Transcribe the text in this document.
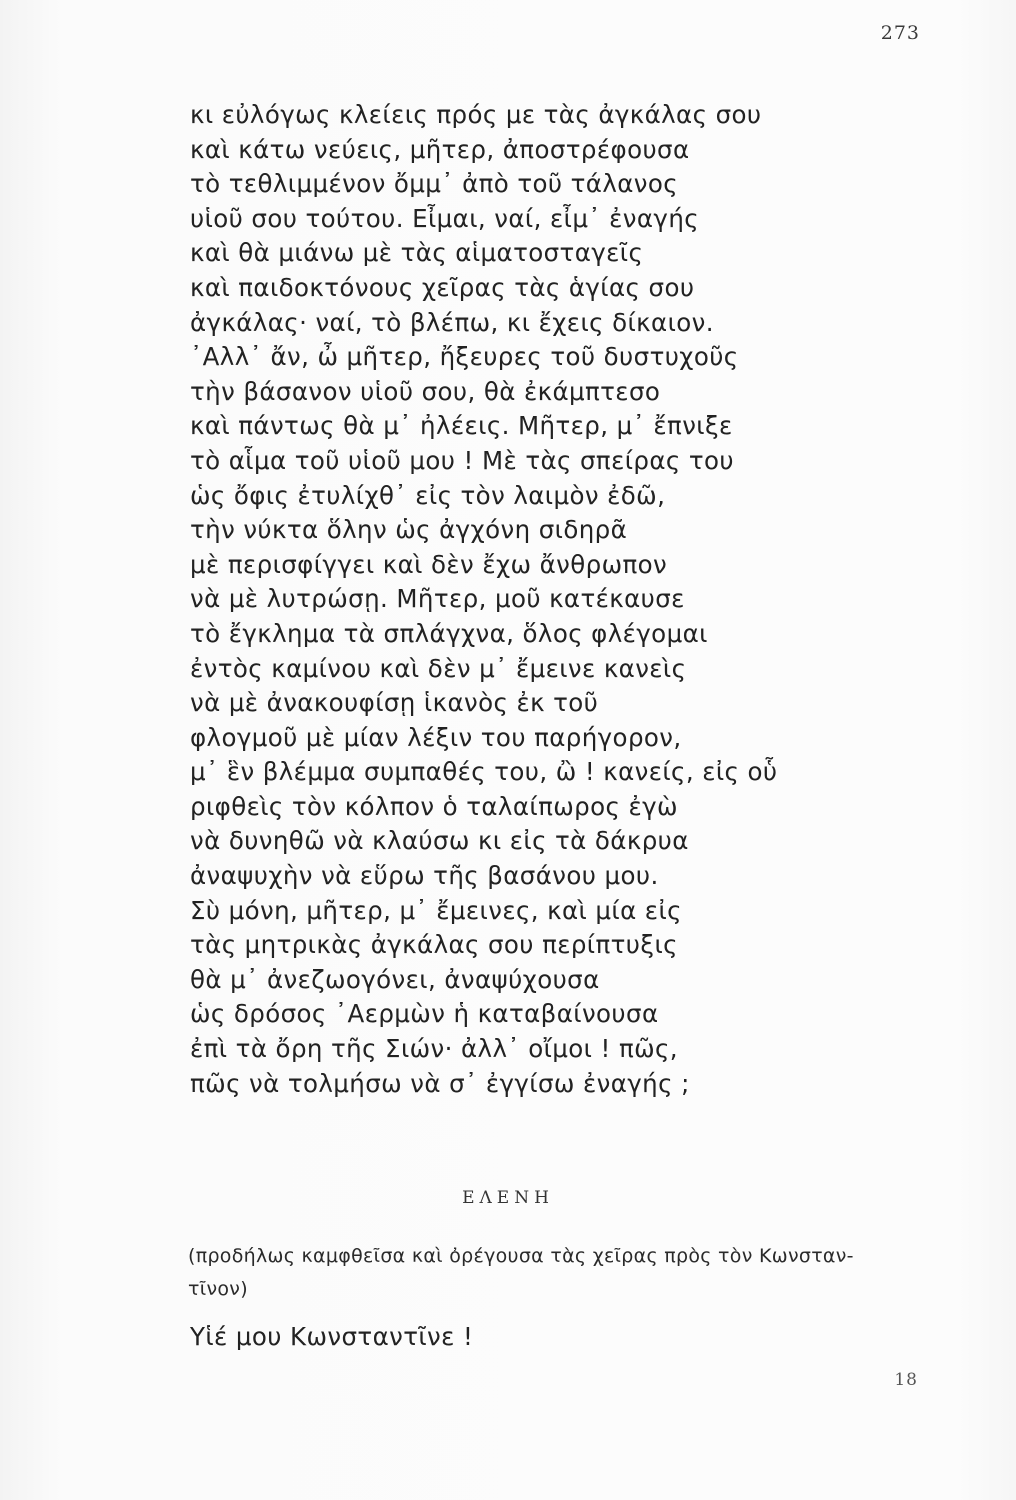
273
κι εὐλόγως κλείεις πρός με τὰς ἀγκάλας σου
καὶ κάτω νεύεις, μῆτερ, ἀποστρέφουσα
τὸ τεθλιμμένον ὄμμ᾽ ἀπὸ τοῦ τάλανος
υἱοῦ σου τούτου. Εἶμαι, ναί, εἶμ᾽ ἐναγής
καὶ θὰ μιάνω μὲ τὰς αἱματοσταγεῖς
καὶ παιδοκτόνους χεῖρας τὰς ἁγίας σου
ἀγκάλας· ναί, τὸ βλέπω, κι ἔχεις δίκαιον.
᾽Αλλ᾽ ἄν, ὦ μῆτερ, ἤξευρες τοῦ δυστυχοῦς
τὴν βάσανον υἱοῦ σου, θὰ ἐκάμπτεσο
καὶ πάντως θὰ μ᾽ ἠλέεις. Μῆτερ, μ᾽ ἔπνιξε
τὸ αἷμα τοῦ υἱοῦ μου ! Μὲ τὰς σπείρας του
ὡς ὄφις ἐτυλίχθ᾽ εἰς τὸν λαιμὸν ἐδῶ,
τὴν νύκτα ὅλην ὡς ἀγχόνη σιδηρᾶ
μὲ περισφίγγει καὶ δὲν ἔχω ἄνθρωπον
νὰ μὲ λυτρώσῃ. Μῆτερ, μοῦ κατέκαυσε
τὸ ἔγκλημα τὰ σπλάγχνα, ὅλος φλέγομαι
ἐντὸς καμίνου καὶ δὲν μ᾽ ἔμεινε κανεὶς
νὰ μὲ ἀνακουφίσῃ ἱκανὸς ἐκ τοῦ
φλογμοῦ μὲ μίαν λέξιν του παρήγορον,
μ᾽ ἓν βλέμμα συμπαθές του, ὢ ! κανείς, εἰς οὗ
ριφθεὶς τὸν κόλπον ὁ ταλαίπωρος ἐγὼ
νὰ δυνηθῶ νὰ κλαύσω κι εἰς τὰ δάκρυα
ἀναψυχὴν νὰ εὕρω τῆς βασάνου μου.
Σὺ μόνη, μῆτερ, μ᾽ ἔμεινες, καὶ μία εἰς
τὰς μητρικὰς ἀγκάλας σου περίπτυξις
θὰ μ᾽ ἀνεζωογόνει, ἀναψύχουσα
ὡς δρόσος ᾽Αερμὼν ἡ καταβαίνουσα
ἐπὶ τὰ ὄρη τῆς Σιών· ἀλλ᾽ οἴμοι ! πῶς,
πῶς νὰ τολμήσω νὰ σ᾽ ἐγγίσω ἐναγής ;
ΕΛΕΝΗ
(προδήλως καμφθεῖσα καὶ ὀρέγουσα τὰς χεῖρας πρὸς τὸν Κωνσταν-
τῖνον)
Υἱέ μου Κωνσταντῖνε !
18
